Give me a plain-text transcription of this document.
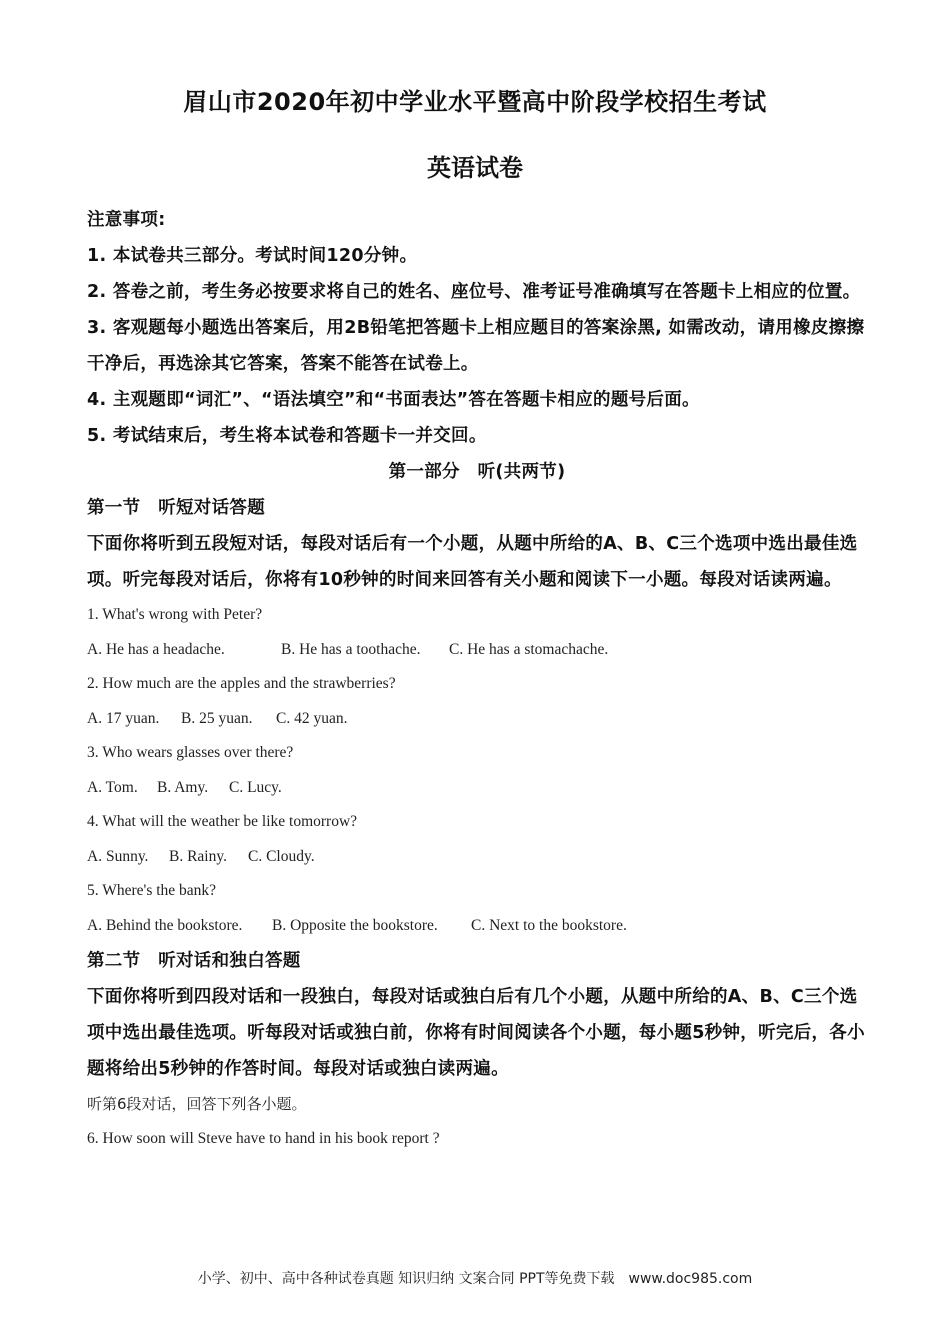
眉山市2020年初中学业水平暨高中阶段学校招生考试
英语试卷

注意事项:

1. 本试卷共三部分。考试时间120分钟。

2. 答卷之前，考生务必按要求将自己的姓名、座位号、准考证号准确填写在答题卡上相应的位置。

3. 客观题每小题选出答案后，用2B铅笔把答题卡上相应题目的答案涂黑, 如需改动，请用橡皮擦擦干净后，再选涂其它答案，答案不能答在试卷上。

4. 主观题即“词汇”、“语法填空”和“书面表达”答在答题卡相应的题号后面。

5. 考试结束后，考生将本试卷和答题卡一并交回。

第一部分　听(共两节)

第一节　听短对话答题

下面你将听到五段短对话，每段对话后有一个小题，从题中所给的A、B、C三个选项中选出最佳选项。听完每段对话后，你将有10秒钟的时间来回答有关小题和阅读下一小题。每段对话读两遍。

1. What's wrong with Peter?

A. He has a headache.	B. He has a toothache. C. He has a stomachache.

2. How much are the apples and the strawberries?

A. 17 yuan. B. 25 yuan. C. 42 yuan.

3. Who wears glasses over there?

A. Tom. B. Amy. C. Lucy.

4. What will the weather be like tomorrow?

A. Sunny. B. Rainy. C. Cloudy.

5. Where's the bank?

A. Behind the bookstore. B. Opposite the bookstore. C. Next to the bookstore.

第二节　听对话和独白答题

下面你将听到四段对话和一段独白，每段对话或独白后有几个小题，从题中所给的A、B、C三个选项中选出最佳选项。听每段对话或独白前，你将有时间阅读各个小题，每小题5秒钟，听完后，各小题将给出5秒钟的作答时间。每段对话或独白读两遍。

听第6段对话，回答下列各小题。

6. How soon will Steve have to hand in his book report ?

小学、初中、高中各种试卷真题 知识归纳 文案合同 PPT等免费下载　www.doc985.com
